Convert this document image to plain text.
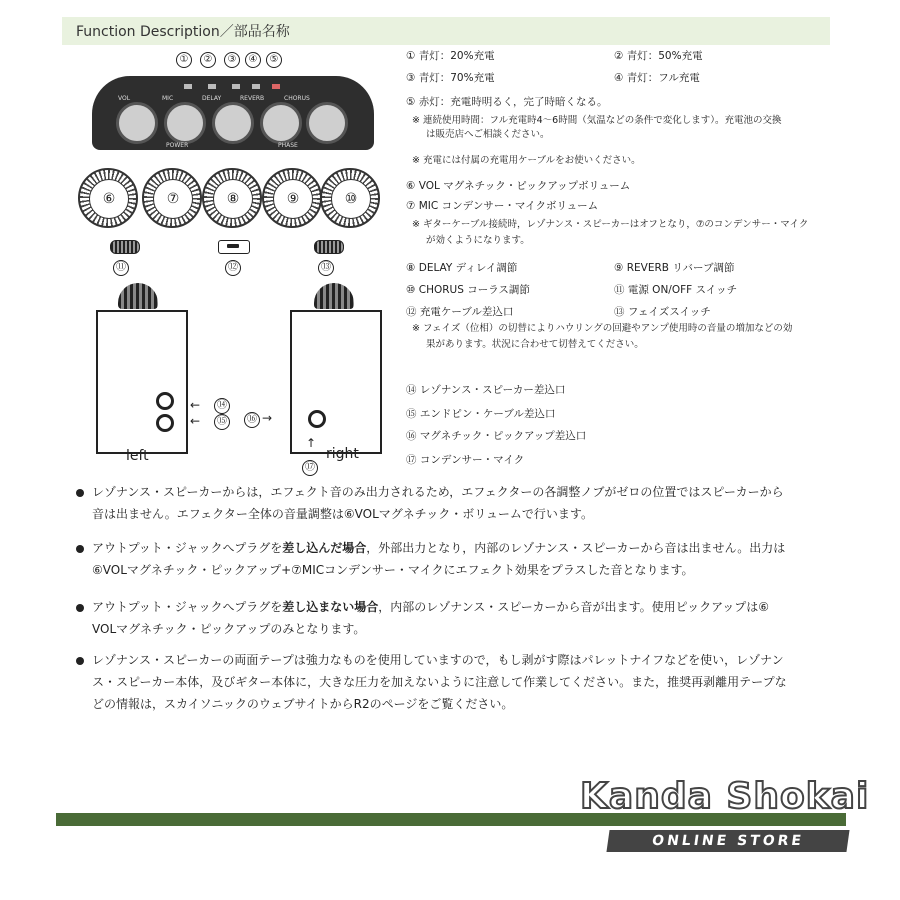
Function Description／部品名称
①	②	③	④	⑤
VOL	MIC	DELAY	REVERB	CHORUS
POWER	PHASE
⑥	⑦	⑧	⑨	⑩
⑪	⑫	⑬
←
←
⑭
⑮
left
⑯ →
↑
⑰
right
① 青灯：20%充電	② 青灯：50%充電
③ 青灯：70%充電	④ 青灯：フル充電
⑤ 赤灯：充電時明るく，完了時暗くなる。
※ 連続使用時間：フル充電時4～6時間（気温などの条件で変化します）。充電池の交換
は販売店へご相談ください。
※ 充電には付属の充電用ケーブルをお使いください。
⑥ VOL マグネチック・ピックアップボリューム
⑦ MIC コンデンサー・マイクボリューム
※ ギターケーブル接続時，レゾナンス・スピーカーはオフとなり，⑦のコンデンサー・マイク
が効くようになります。
⑧ DELAY ディレイ調節	⑨ REVERB リバーブ調節
⑩ CHORUS コーラス調節	⑪ 電源 ON/OFF スイッチ
⑫ 充電ケーブル差込口	⑬ フェイズスイッチ
※ フェイズ（位相）の切替によりハウリングの回避やアンプ使用時の音量の増加などの効
果があります。状況に合わせて切替えてください。
⑭ レゾナンス・スピーカー差込口
⑮ エンドピン・ケーブル差込口
⑯ マグネチック・ピックアップ差込口
⑰ コンデンサー・マイク
レゾナンス・スピーカーからは，エフェクト音のみ出力されるため，エフェクターの各調整ノブがゼロの位置ではスピーカーから
音は出ません。エフェクター全体の音量調整は⑥VOLマグネチック・ボリュームで行います。
アウトプット・ジャックへプラグを差し込んだ場合，外部出力となり，内部のレゾナンス・スピーカーから音は出ません。出力は
⑥VOLマグネチック・ピックアップ+⑦MICコンデンサー・マイクにエフェクト効果をプラスした音となります。
アウトプット・ジャックへプラグを差し込まない場合，内部のレゾナンス・スピーカーから音が出ます。使用ピックアップは⑥
VOLマグネチック・ピックアップのみとなります。
レゾナンス・スピーカーの両面テープは強力なものを使用していますので，もし剥がす際はパレットナイフなどを使い，レゾナン
ス・スピーカー本体，及びギター本体に，大きな圧力を加えないように注意して作業してください。また，推奨再剥離用テープな
どの情報は，スカイソニックのウェブサイトからR2のページをご覧ください。
Kanda Shokai
ONLINE STORE
